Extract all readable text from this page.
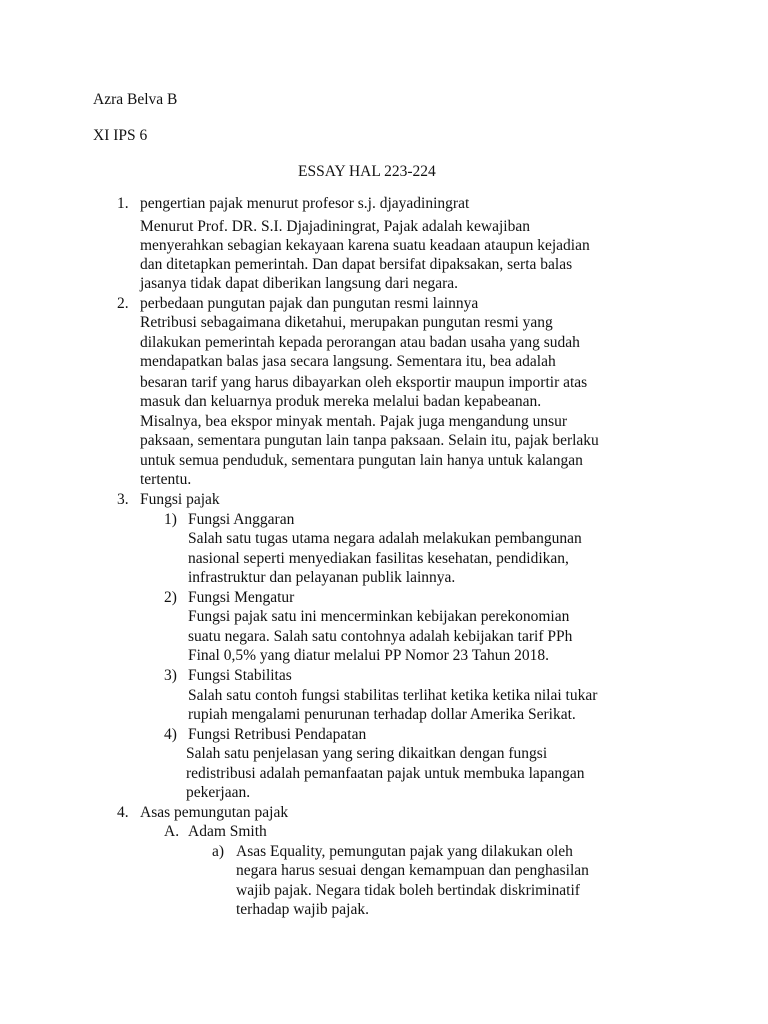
Azra Belva B
XI IPS 6
ESSAY HAL 223-224
1. pengertian pajak menurut profesor s.j. djayadiningrat
Menurut Prof. DR. S.I. Djajadiningrat, Pajak adalah kewajiban
menyerahkan sebagian kekayaan karena suatu keadaan ataupun kejadian
dan ditetapkan pemerintah. Dan dapat bersifat dipaksakan, serta balas
jasanya tidak dapat diberikan langsung dari negara.
2. perbedaan pungutan pajak dan pungutan resmi lainnya
Retribusi sebagaimana diketahui, merupakan pungutan resmi yang
dilakukan pemerintah kepada perorangan atau badan usaha yang sudah
mendapatkan balas jasa secara langsung. Sementara itu, bea adalah
besaran tarif yang harus dibayarkan oleh eksportir maupun importir atas
masuk dan keluarnya produk mereka melalui badan kepabeanan.
Misalnya, bea ekspor minyak mentah. Pajak juga mengandung unsur
paksaan, sementara pungutan lain tanpa paksaan. Selain itu, pajak berlaku
untuk semua penduduk, sementara pungutan lain hanya untuk kalangan
tertentu.
3. Fungsi pajak
1) Fungsi Anggaran
Salah satu tugas utama negara adalah melakukan pembangunan
nasional seperti menyediakan fasilitas kesehatan, pendidikan,
infrastruktur dan pelayanan publik lainnya.
2) Fungsi Mengatur
Fungsi pajak satu ini mencerminkan kebijakan perekonomian
suatu negara. Salah satu contohnya adalah kebijakan tarif PPh
Final 0,5% yang diatur melalui PP Nomor 23 Tahun 2018.
3) Fungsi Stabilitas
Salah satu contoh fungsi stabilitas terlihat ketika ketika nilai tukar
rupiah mengalami penurunan terhadap dollar Amerika Serikat.
4) Fungsi Retribusi Pendapatan
Salah satu penjelasan yang sering dikaitkan dengan fungsi
redistribusi adalah pemanfaatan pajak untuk membuka lapangan
pekerjaan.
4. Asas pemungutan pajak
A. Adam Smith
a) Asas Equality, pemungutan pajak yang dilakukan oleh
negara harus sesuai dengan kemampuan dan penghasilan
wajib pajak. Negara tidak boleh bertindak diskriminatif
terhadap wajib pajak.
